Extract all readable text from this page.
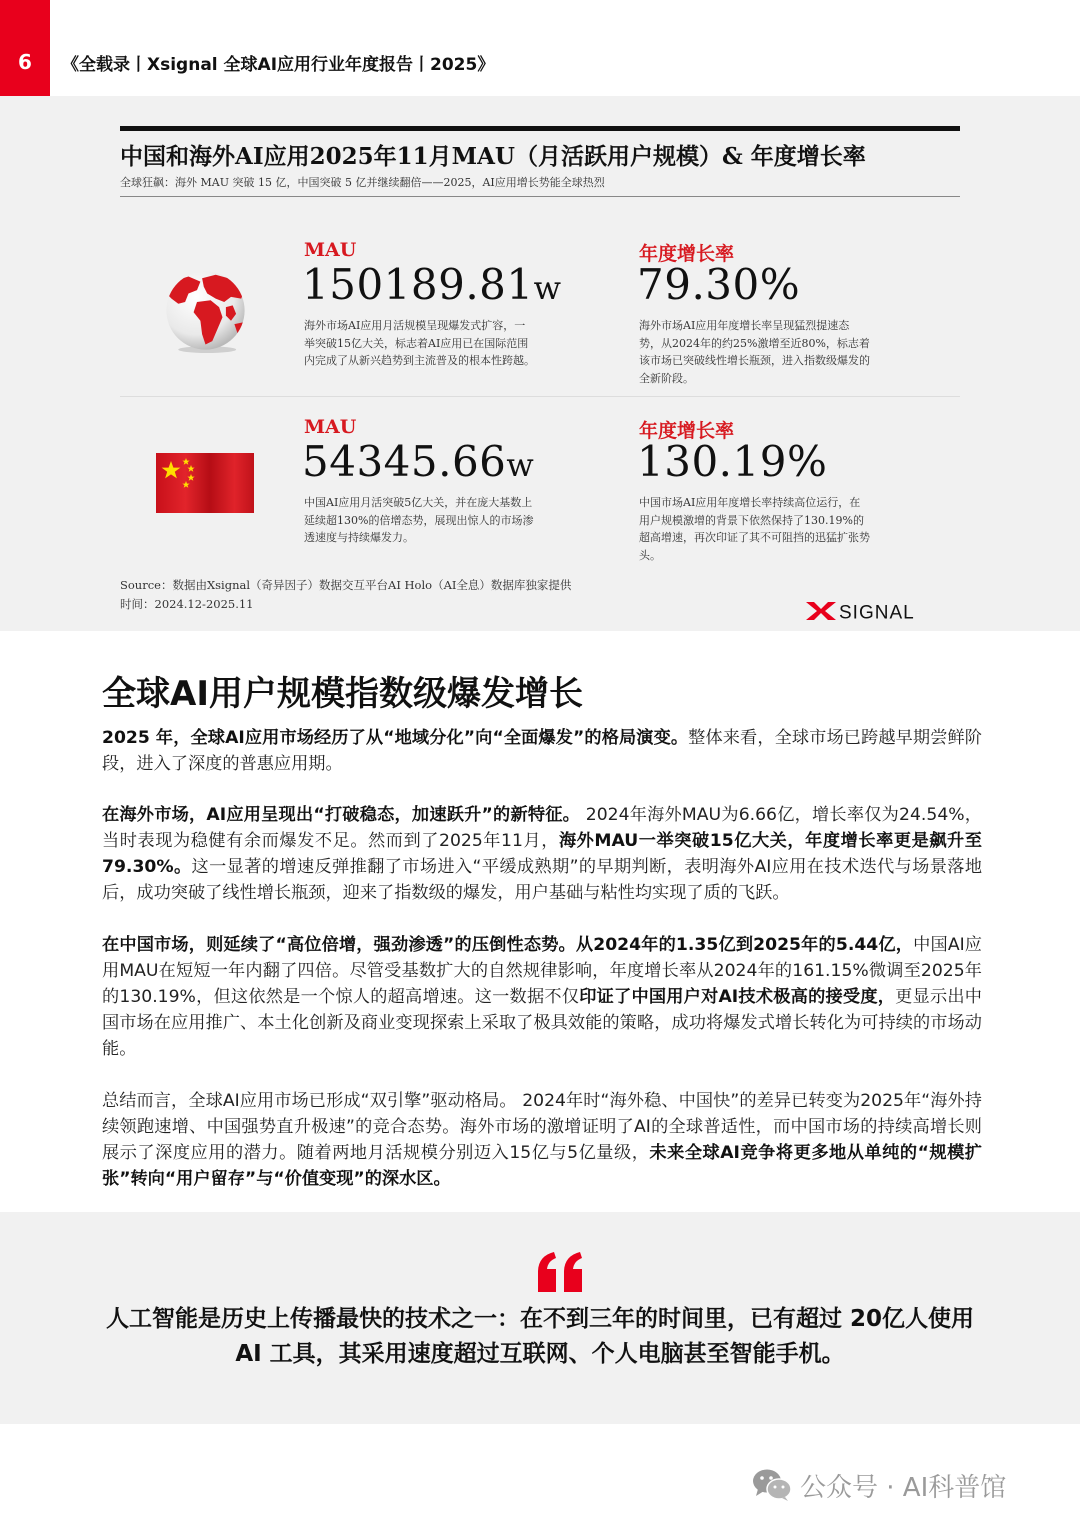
6	《全载录丨Xsignal 全球AI应用行业年度报告丨2025》
中国和海外AI应用2025年11月MAU（月活跃用户规模）& 年度增长率
全球狂飙：海外 MAU 突破 15 亿，中国突破 5 亿并继续翻倍——2025，AI应用增长势能全球热烈
MAU
150189.81w
海外市场AI应用月活规模呈现爆发式扩容，一举突破15亿大关，标志着AI应用已在国际范围内完成了从新兴趋势到主流普及的根本性跨越。
年度增长率
79.30%
海外市场AI应用年度增长率呈现猛烈提速态势，从2024年的约25%激增至近80%，标志着该市场已突破线性增长瓶颈，进入指数级爆发的全新阶段。
MAU
54345.66w
中国AI应用月活突破5亿大关，并在庞大基数上延续超130%的倍增态势，展现出惊人的市场渗透速度与持续爆发力。
年度增长率
130.19%
中国市场AI应用年度增长率持续高位运行，在用户规模激增的背景下依然保持了130.19%的超高增速，再次印证了其不可阻挡的迅猛扩张势头。
Source：数据由Xsignal（奇异因子）数据交互平台AI Holo（AI全息）数据库独家提供
时间：2024.12-2025.11	SIGNAL
全球AI用户规模指数级爆发增长

2025 年，全球AI应用市场经历了从“地域分化”向“全面爆发”的格局演变。整体来看，全球市场已跨越早期尝鲜阶段，进入了深度的普惠应用期。

在海外市场，AI应用呈现出“打破稳态，加速跃升”的新特征。 2024年海外MAU为6.66亿，增长率仅为24.54%，当时表现为稳健有余而爆发不足。然而到了2025年11月，海外MAU一举突破15亿大关，年度增长率更是飙升至79.30%。这一显著的增速反弹推翻了市场进入“平缓成熟期”的早期判断，表明海外AI应用在技术迭代与场景落地后，成功突破了线性增长瓶颈，迎来了指数级的爆发，用户基础与粘性均实现了质的飞跃。

在中国市场，则延续了“高位倍增，强劲渗透”的压倒性态势。从2024年的1.35亿到2025年的5.44亿，中国AI应用MAU在短短一年内翻了四倍。尽管受基数扩大的自然规律影响，年度增长率从2024年的161.15%微调至2025年的130.19%，但这依然是一个惊人的超高增速。这一数据不仅印证了中国用户对AI技术极高的接受度，更显示出中国市场在应用推广、本土化创新及商业变现探索上采取了极具效能的策略，成功将爆发式增长转化为可持续的市场动能。

总结而言，全球AI应用市场已形成“双引擎”驱动格局。 2024年时“海外稳、中国快”的差异已转变为2025年“海外持续领跑速增、中国强势直升极速”的竞合态势。海外市场的激增证明了AI的全球普适性，而中国市场的持续高增长则展示了深度应用的潜力。随着两地月活规模分别迈入15亿与5亿量级，未来全球AI竞争将更多地从单纯的“规模扩张”转向“用户留存”与“价值变现”的深水区。

人工智能是历史上传播最快的技术之一：在不到三年的时间里，已有超过 20亿人使用 AI 工具，其采用速度超过互联网、个人电脑甚至智能手机。
公众号 · AI科普馆
